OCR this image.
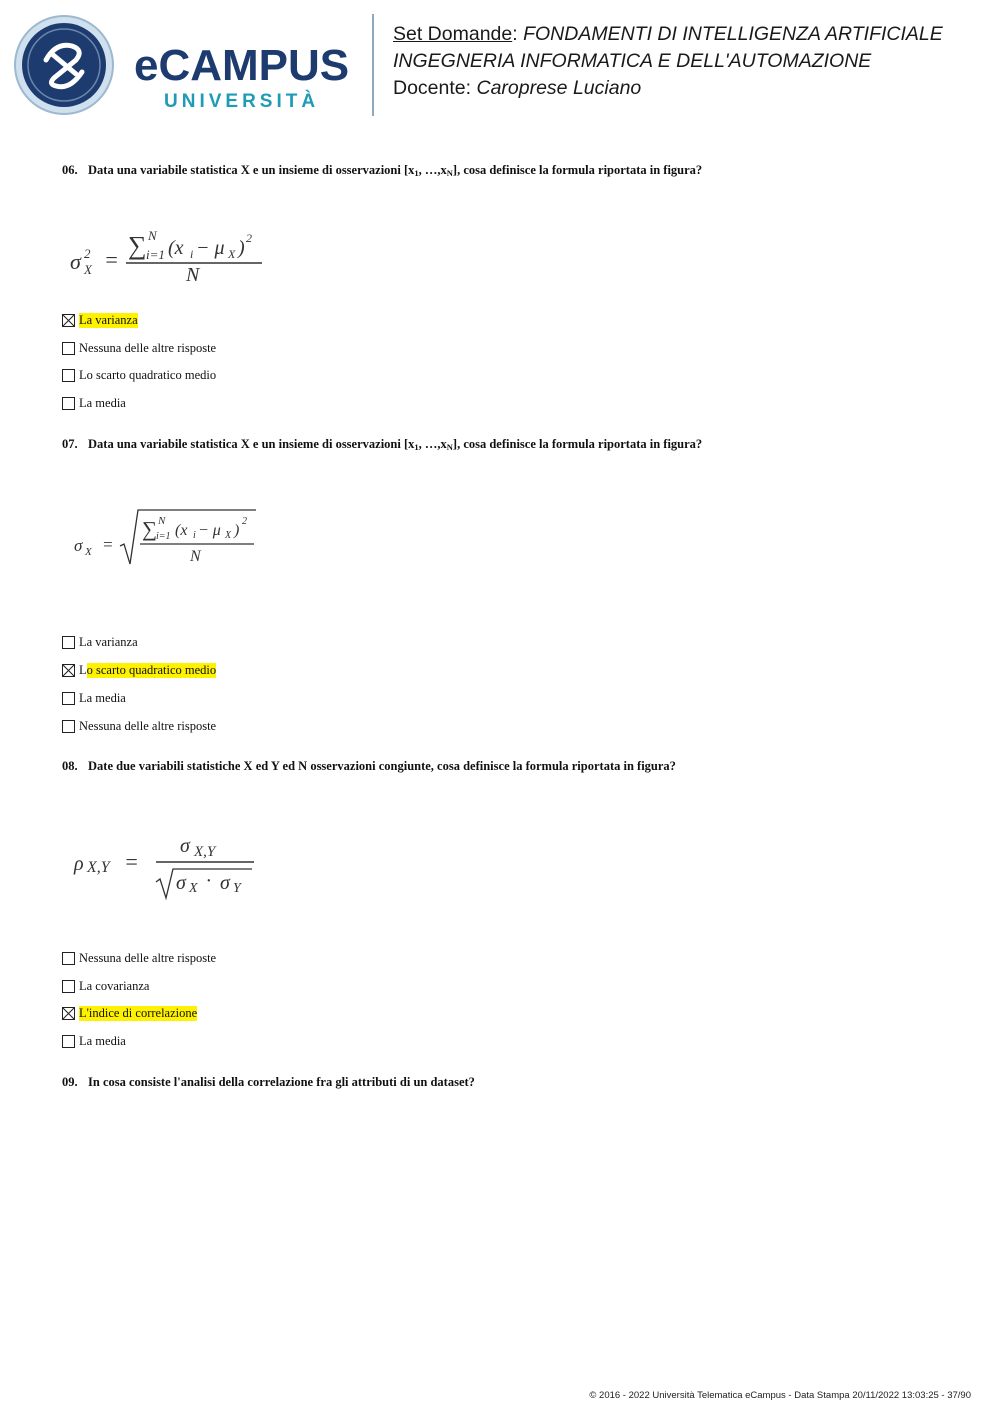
eCAMPUS
UNIVERSITÀ
Set Domande: FONDAMENTI DI INTELLIGENZA ARTIFICIALE
INGEGNERIA INFORMATICA E DELL'AUTOMAZIONE
Docente: Caroprese Luciano
06. Data una variabile statistica X e un insieme di osservazioni [$x_1$, $\dots,x_N$], cosa definisce la formula riportata in figura?
σ 2
X = ∑ N
i=1 (x i − μ X ) 2
N
La varianza
Nessuna delle altre risposte
Lo scarto quadratico medio
La media
07. Data una variabile statistica X e un insieme di osservazioni [$x_1$, $\dots,x_N$], cosa definisce la formula riportata in figura?
σ X =
∑ N
i=1 (x i − μ X )
2
N
La varianza
L o scarto quadratico medio
La media
Nessuna delle altre risposte
08. Date due variabili statistiche X ed Y ed N osservazioni congiunte, cosa definisce la formula riportata in figura?
ρ X,Y =
σ X,Y
σ X · σ Y
Nessuna delle altre risposte
La covarianza
L'indice di correlazione
La media
09. In cosa consiste l'analisi della correlazione fra gli attributi di un dataset?
© 2016 - 2022 Università Telematica eCampus - Data Stampa 20/11/2022 13:03:25 - 37/90
